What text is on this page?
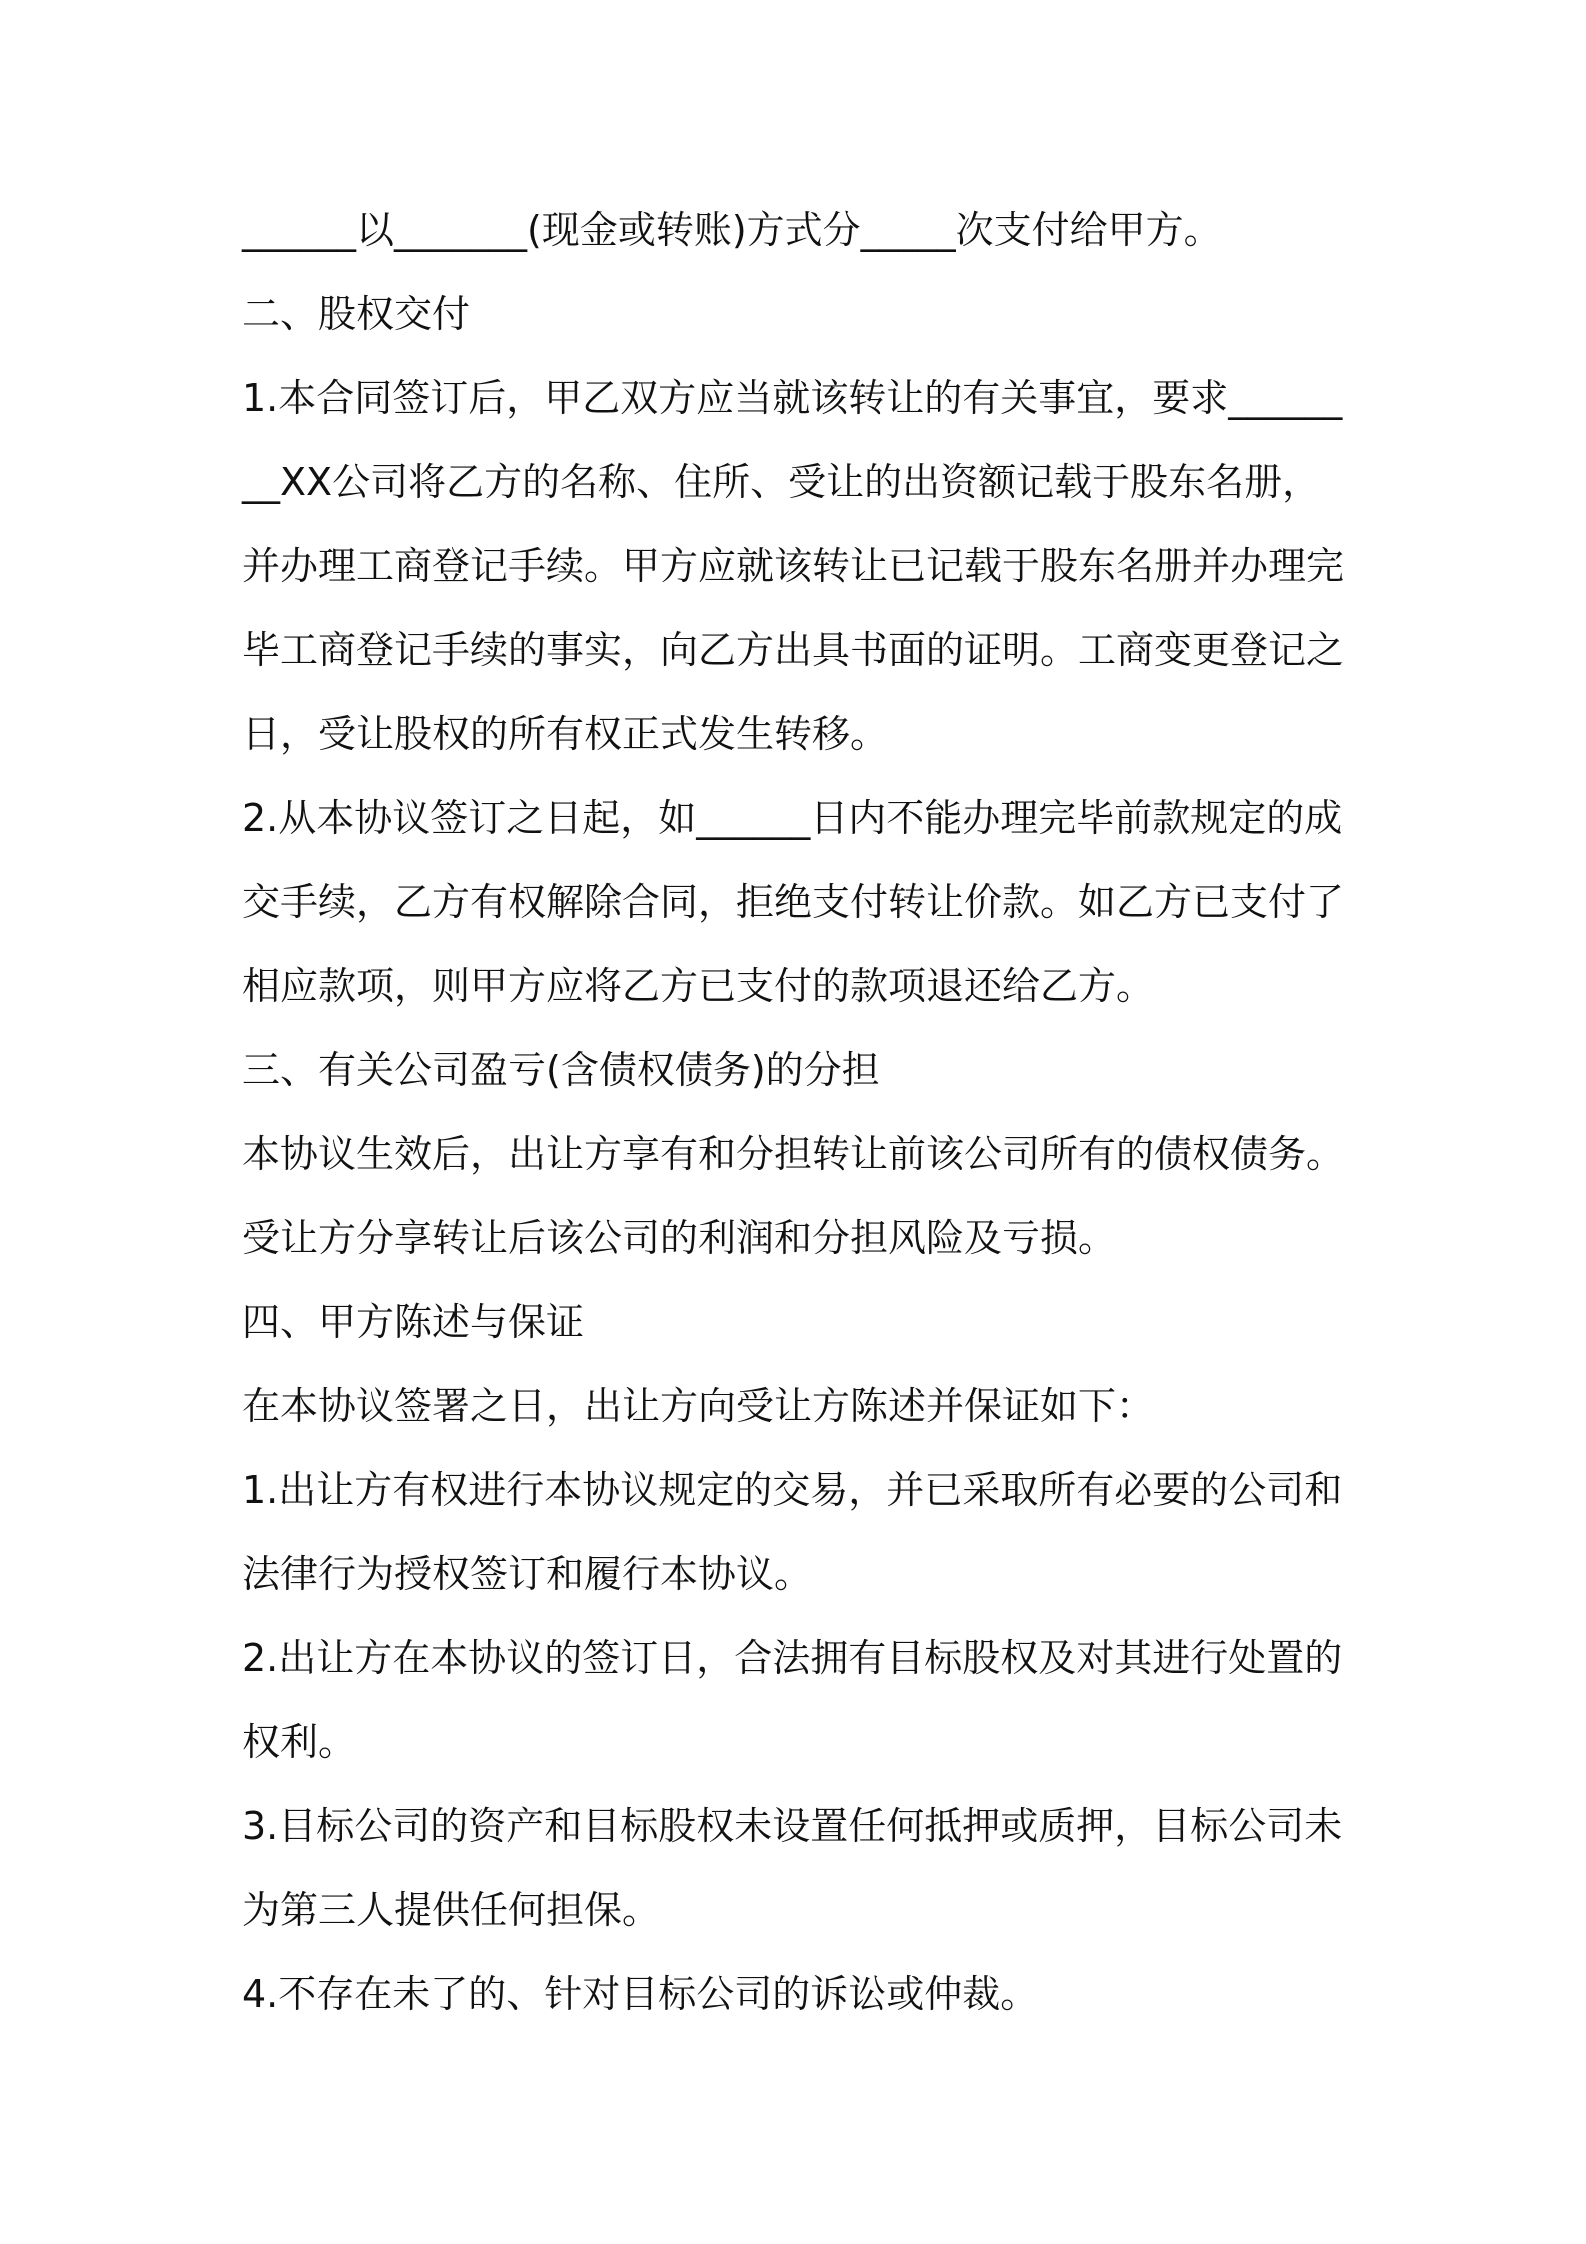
______以_______(现金或转账)方式分_____次支付给甲方。

二、股权交付

1.本合同签订后，甲乙双方应当就该转让的有关事宜，要求________XX公司将乙方的名称、住所、受让的出资额记载于股东名册，并办理工商登记手续。甲方应就该转让已记载于股东名册并办理完毕工商登记手续的事实，向乙方出具书面的证明。工商变更登记之日，受让股权的所有权正式发生转移。

2.从本协议签订之日起，如______日内不能办理完毕前款规定的成交手续，乙方有权解除合同，拒绝支付转让价款。如乙方已支付了相应款项，则甲方应将乙方已支付的款项退还给乙方。

三、有关公司盈亏(含债权债务)的分担

本协议生效后，出让方享有和分担转让前该公司所有的债权债务。受让方分享转让后该公司的利润和分担风险及亏损。

四、甲方陈述与保证

在本协议签署之日，出让方向受让方陈述并保证如下：

1.出让方有权进行本协议规定的交易，并已采取所有必要的公司和法律行为授权签订和履行本协议。

2.出让方在本协议的签订日，合法拥有目标股权及对其进行处置的权利。

3.目标公司的资产和目标股权未设置任何抵押或质押，目标公司未为第三人提供任何担保。

4.不存在未了的、针对目标公司的诉讼或仲裁。
